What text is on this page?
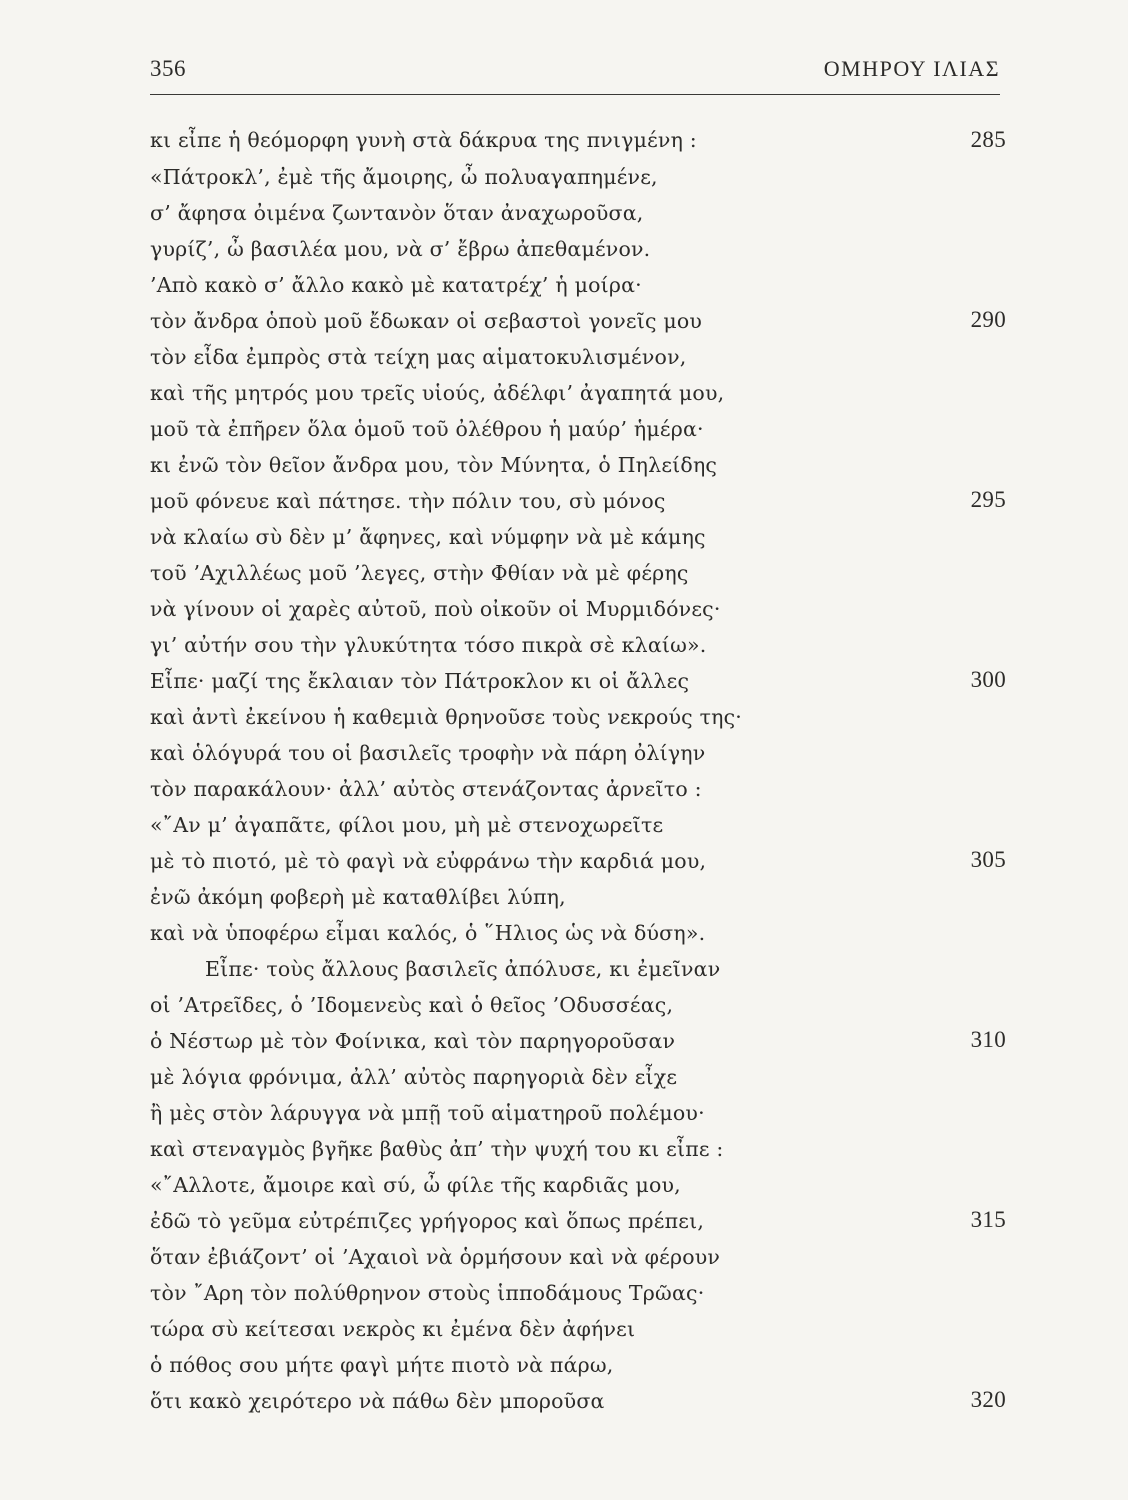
356	ΟΜΗΡΟΥ ΙΛΙΑΣ
κι εἶπε ἡ θεόμορφη γυνὴ στὰ δάκρυα της πνιγμένη :
«Πάτροκλ’, ἐμὲ τῆς ἄμοιρης, ὦ πολυαγαπημένε,
σ’ ἄφησα ὀιμένα ζωντανὸν ὅταν ἀναχωροῦσα,
γυρίζ’, ὦ βασιλέα μου, νὰ σ’ ἔβρω ἀπεθαμένον.
’Απὸ κακὸ σ’ ἄλλο κακὸ μὲ κατατρέχ’ ἡ μοίρα·
τὸν ἄνδρα ὁποὺ μοῦ ἔδωκαν οἱ σεβαστοὶ γονεῖς μου
τὸν εἶδα ἐμπρὸς στὰ τείχη μας αἱματοκυλισμένον,
καὶ τῆς μητρός μου τρεῖς υἱούς, ἀδέλφι’ ἀγαπητά μου,
μοῦ τὰ ἐπῆρεν ὅλα ὁμοῦ τοῦ ὀλέθρου ἡ μαύρ’ ἡμέρα·
κι ἐνῶ τὸν θεῖον ἄνδρα μου, τὸν Μύνητα, ὁ Πηλείδης
μοῦ φόνευε καὶ πάτησε. τὴν πόλιν του, σὺ μόνος
νὰ κλαίω σὺ δὲν μ’ ἄφηνες, καὶ νύμφην νὰ μὲ κάμης
τοῦ ’Αχιλλέως μοῦ ’λεγες, στὴν Φθίαν νὰ μὲ φέρης
νὰ γίνουν οἱ χαρὲς αὐτοῦ, ποὺ οἰκοῦν οἱ Μυρμιδόνες·
γι’ αὐτήν σου τὴν γλυκύτητα τόσο πικρὰ σὲ κλαίω».
Εἶπε· μαζί της ἔκλαιαν τὸν Πάτροκλον κι οἱ ἄλλες
καὶ ἀντὶ ἐκείνου ἡ καθεμιὰ θρηνοῦσε τοὺς νεκρούς της·
καὶ ὁλόγυρά του οἱ βασιλεῖς τροφὴν νὰ πάρη ὀλίγην
τὸν παρακάλουν· ἀλλ’ αὐτὸς στενάζοντας ἀρνεῖτο :
«῎Αν μ’ ἀγαπᾶτε, φίλοι μου, μὴ μὲ στενοχωρεῖτε
μὲ τὸ πιοτό, μὲ τὸ φαγὶ νὰ εὐφράνω τὴν καρδιά μου,
ἐνῶ ἀκόμη φοβερὴ μὲ καταθλίβει λύπη,
καὶ νὰ ὑποφέρω εἶμαι καλός, ὁ ῞Ηλιος ὡς νὰ δύση».
Εἶπε· τοὺς ἄλλους βασιλεῖς ἀπόλυσε, κι ἐμεῖναν
οἱ ’Ατρεῖδες, ὁ ’Ιδομενεὺς καὶ ὁ θεῖος ’Οδυσσέας,
ὁ Νέστωρ μὲ τὸν Φοίνικα, καὶ τὸν παρηγοροῦσαν
μὲ λόγια φρόνιμα, ἀλλ’ αὐτὸς παρηγοριὰ δὲν εἶχε
ἢ μὲς στὸν λάρυγγα νὰ μπῇ τοῦ αἱματηροῦ πολέμου·
καὶ στεναγμὸς βγῆκε βαθὺς ἀπ’ τὴν ψυχή του κι εἶπε :
«῎Αλλοτε, ἄμοιρε καὶ σύ, ὦ φίλε τῆς καρδιᾶς μου,
ἐδῶ τὸ γεῦμα εὐτρέπιζες γρήγορος καὶ ὅπως πρέπει,
ὅταν ἐβιάζοντ’ οἱ ’Αχαιοὶ νὰ ὁρμήσουν καὶ νὰ φέρουν
τὸν ῎Αρη τὸν πολύθρηνον στοὺς ἱπποδάμους Τρῶας·
τώρα σὺ κείτεσαι νεκρὸς κι ἐμένα δὲν ἀφήνει
ὁ πόθος σου μήτε φαγὶ μήτε πιοτὸ νὰ πάρω,
ὅτι κακὸ χειρότερο νὰ πάθω δὲν μποροῦσα
285
290
295
300
305
310
315
320
